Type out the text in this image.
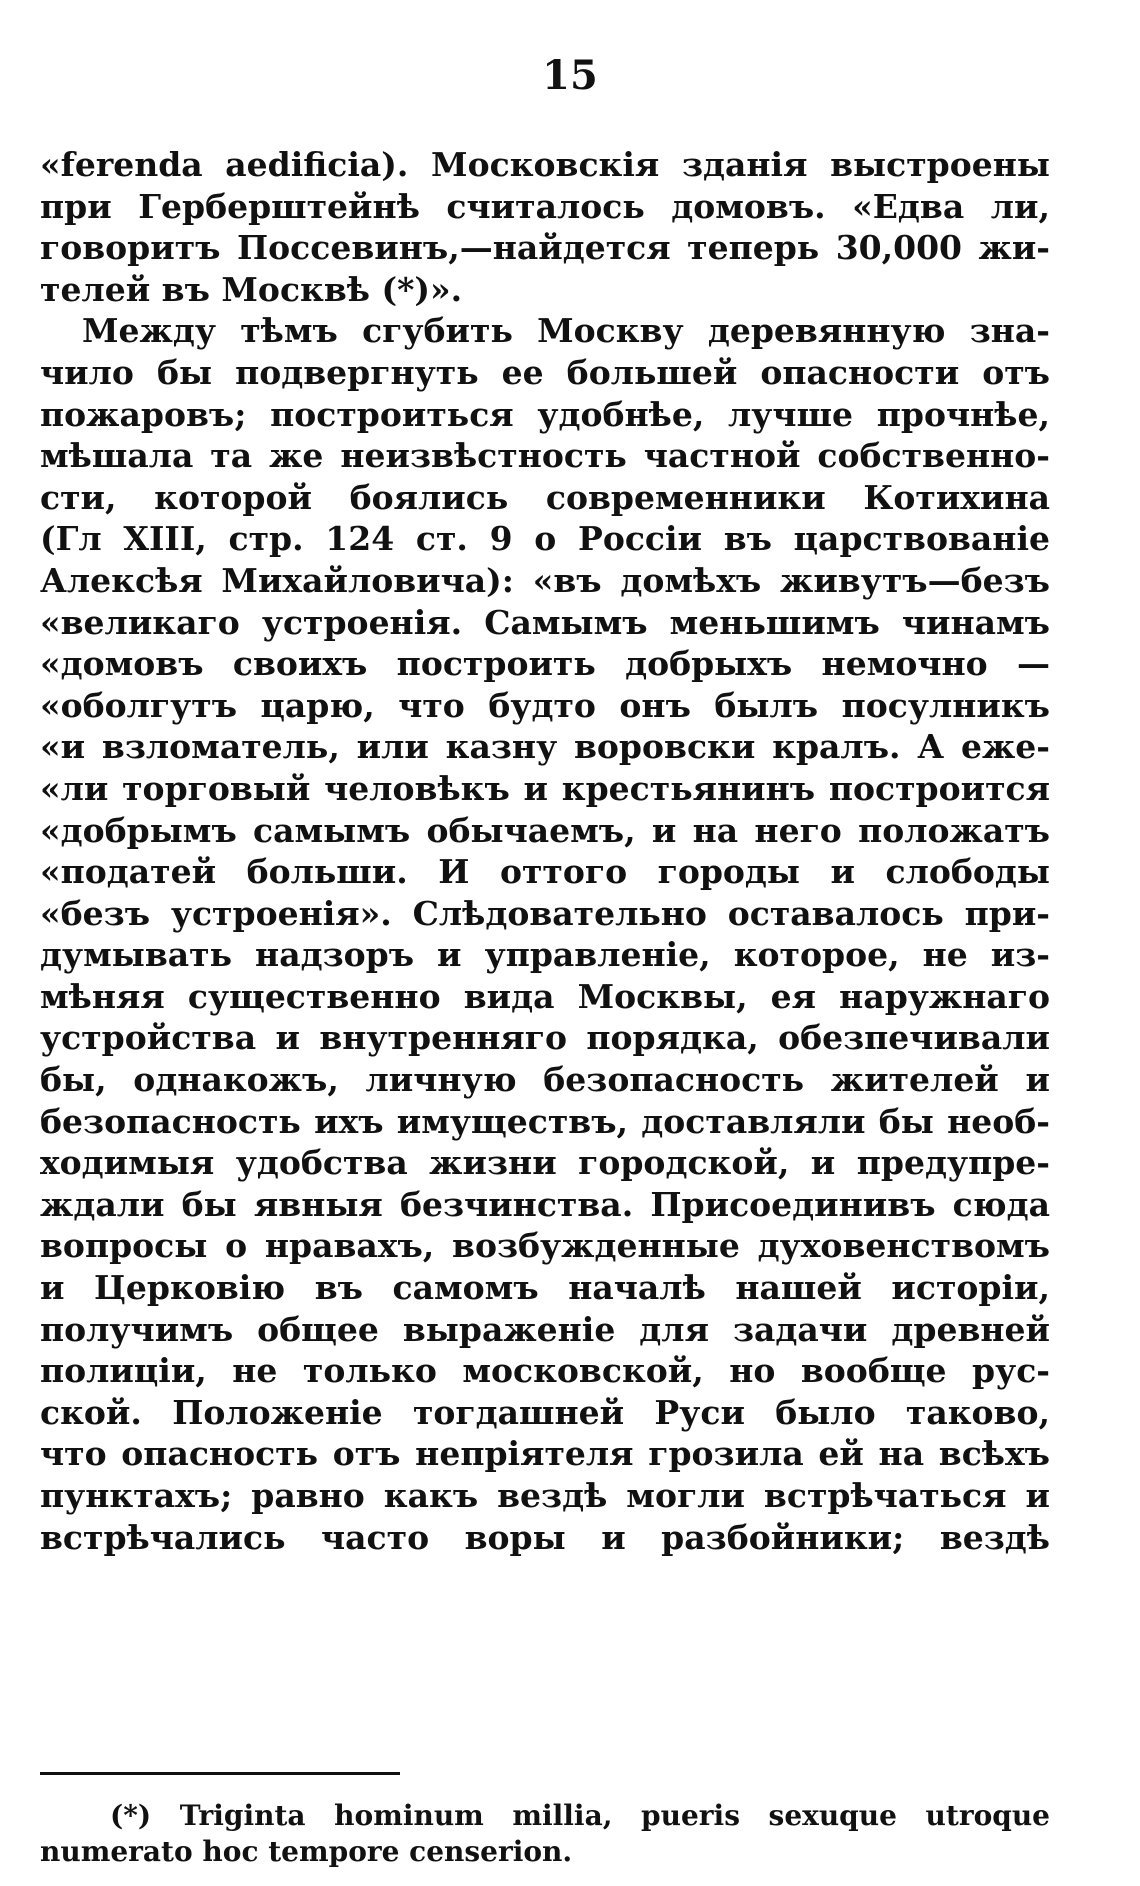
15
«ferenda aedificia). Московскія зданія выстроены
при Герберштейнѣ считалось домовъ. «Едва ли,
говоритъ Поссевинъ,—найдется теперь 30,000 жи-
телей въ Москвѣ (*)».
Между тѣмъ сгубить Москву деревянную зна-
чило бы подвергнуть ее большей опасности отъ
пожаровъ; построиться удобнѣе, лучше прочнѣе,
мѣшала та же неизвѣстность частной собственно-
сти, которой боялись современники Котихина
(Гл XIII, стр. 124 ст. 9 о Россіи въ царствованіе
Алексѣя Михайловича): «въ домѣхъ живутъ—безъ
«великаго устроенія. Самымъ меньшимъ чинамъ
«домовъ своихъ построить добрыхъ немочно —
«оболгутъ царю, что будто онъ былъ посулникъ
«и взломатель, или казну воровски кралъ. А еже-
«ли торговый человѣкъ и крестьянинъ построится
«добрымъ самымъ обычаемъ, и на него положатъ
«податей больши. И оттого городы и слободы
«безъ устроенія». Слѣдовательно оставалось при-
думывать надзоръ и управленіе, которое, не из-
мѣняя существенно вида Москвы, ея наружнаго
устройства и внутренняго порядка, обезпечивали
бы, однакожъ, личную безопасность жителей и
безопасность ихъ имуществъ, доставляли бы необ-
ходимыя удобства жизни городской, и предупре-
ждали бы явныя безчинства. Присоединивъ сюда
вопросы о нравахъ, возбужденные духовенствомъ
и Церковію въ самомъ началѣ нашей исторіи,
получимъ общее выраженіе для задачи древней
полиціи, не только московской, но вообще рус-
ской. Положеніе тогдашней Руси было таково,
что опасность отъ непріятеля грозила ей на всѣхъ
пунктахъ; равно какъ вездѣ могли встрѣчаться и
встрѣчались часто воры и разбойники; вездѣ
(*) Triginta hominum millia, pueris sexuque utroque
numerato hoc tempore censerion.
